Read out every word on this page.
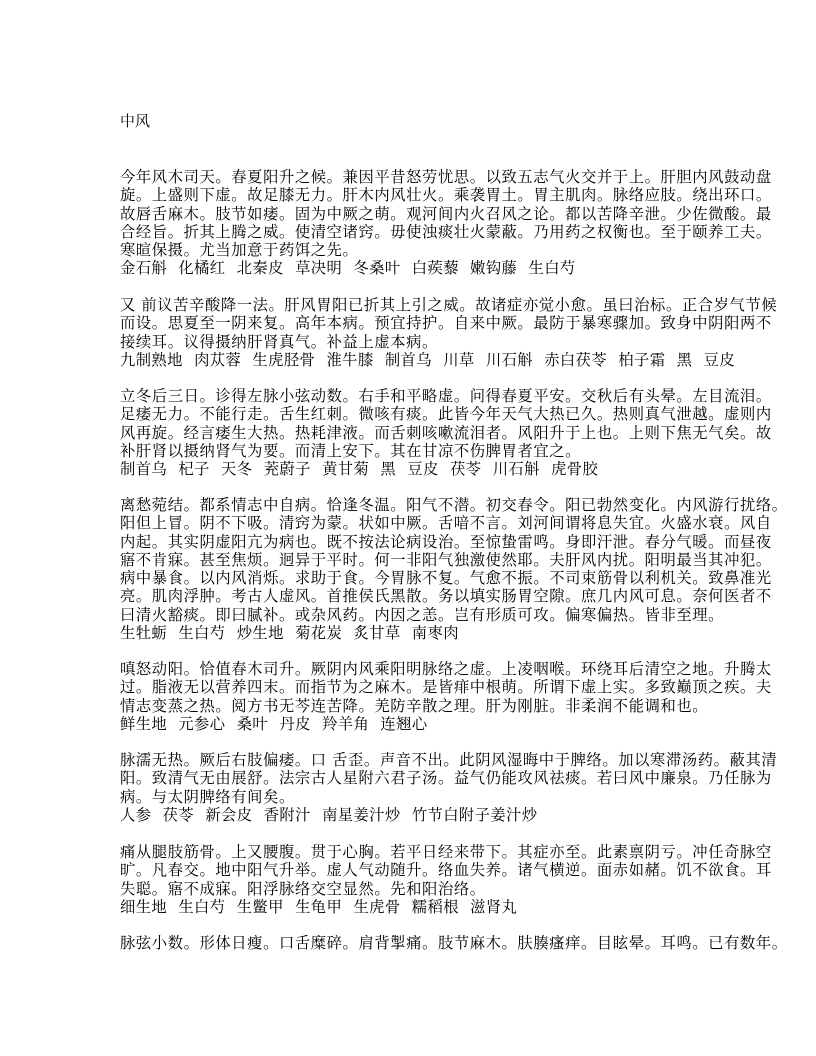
中风
今年风木司天。春夏阳升之候。兼因平昔怒劳忧思。以致五志气火交并于上。肝胆内风鼓动盘
旋。上盛则下虚。故足膝无力。肝木内风壮火。乘袭胃土。胃主肌肉。脉络应肢。绕出环口。
故唇舌麻木。肢节如痿。固为中厥之萌。观河间内火召风之论。都以苦降辛泄。少佐微酸。最
合经旨。折其上腾之威。使清空诸窍。毋使浊痰壮火蒙蔽。乃用药之权衡也。至于颐养工夫。
寒暄保摄。尤当加意于药饵之先。
金石斛 化橘红 北秦皮 草决明 冬桑叶 白蒺藜 嫩钩藤 生白芍
又 前议苦辛酸降一法。肝风胃阳已折其上引之威。故诸症亦觉小愈。虽曰治标。正合岁气节候
而设。思夏至一阴来复。高年本病。预宜持护。自来中厥。最防于暴寒骤加。致身中阴阳两不
接续耳。议得摄纳肝肾真气。补益上虚本病。
九制熟地 肉苁蓉 生虎胫骨 淮牛膝 制首乌 川草 川石斛 赤白茯苓 柏子霜 黑 豆皮
立冬后三日。诊得左脉小弦动数。右手和平略虚。问得春夏平安。交秋后有头晕。左目流泪。
足痿无力。不能行走。舌生红刺。微咳有痰。此皆今年天气大热已久。热则真气泄越。虚则内
风再旋。经言痿生大热。热耗津液。而舌刺咳嗽流泪者。风阳升于上也。上则下焦无气矣。故
补肝肾以摄纳肾气为要。而清上安下。其在甘凉不伤脾胃者宜之。
制首乌 杞子 天冬 茺蔚子 黄甘菊 黑 豆皮 茯苓 川石斛 虎骨胶
离愁菀结。都系情志中自病。恰逢冬温。阳气不潜。初交春令。阳已勃然变化。内风游行扰络。
阳但上冒。阴不下吸。清窍为蒙。状如中厥。舌喑不言。刘河间谓将息失宜。火盛水衰。风自
内起。其实阴虚阳亢为病也。既不按法论病设治。至惊蛰雷鸣。身即汗泄。春分气暖。而昼夜
寤不肯寐。甚至焦烦。迥异于平时。何一非阳气独激使然耶。夫肝风内扰。阳明最当其冲犯。
病中暴食。以内风消烁。求助于食。今胃脉不复。气愈不振。不司束筋骨以利机关。致鼻准光
亮。肌肉浮肿。考古人虚风。首推侯氏黑散。务以填实肠胃空隙。庶几内风可息。奈何医者不
曰清火豁痰。即曰腻补。或杂风药。内因之恙。岂有形质可攻。偏寒偏热。皆非至理。
生牡蛎 生白芍 炒生地 菊花炭 炙甘草 南枣肉
嗔怒动阳。恰值春木司升。厥阴内风乘阳明脉络之虚。上凌咽喉。环绕耳后清空之地。升腾太
过。脂液无以营养四末。而指节为之麻木。是皆痱中根萌。所谓下虚上实。多致巅顶之疾。夫
情志变蒸之热。阅方书无芩连苦降。羌防辛散之理。肝为刚脏。非柔润不能调和也。
鲜生地 元参心 桑叶 丹皮 羚羊角 连翘心
脉濡无热。厥后右肢偏痿。口 舌歪。声音不出。此阴风湿晦中于脾络。加以寒滞汤药。蔽其清
阳。致清气无由展舒。法宗古人星附六君子汤。益气仍能攻风祛痰。若曰风中廉泉。乃任脉为
病。与太阴脾络有间矣。
人参 茯苓 新会皮 香附汁 南星姜汁炒 竹节白附子姜汁炒
痛从腿肢筋骨。上又腰腹。贯于心胸。若平日经来带下。其症亦至。此素禀阴亏。冲任奇脉空
旷。凡春交。地中阳气升举。虚人气动随升。络血失养。诸气横逆。面赤如赭。饥不欲食。耳
失聪。寤不成寐。阳浮脉络交空显然。先和阳治络。
细生地 生白芍 生鳖甲 生龟甲 生虎骨 糯稻根 滋肾丸
脉弦小数。形体日瘦。口舌糜碎。肩背掣痛。肢节麻木。肤腠瘙痒。目眩晕。耳鸣。已有数年。
